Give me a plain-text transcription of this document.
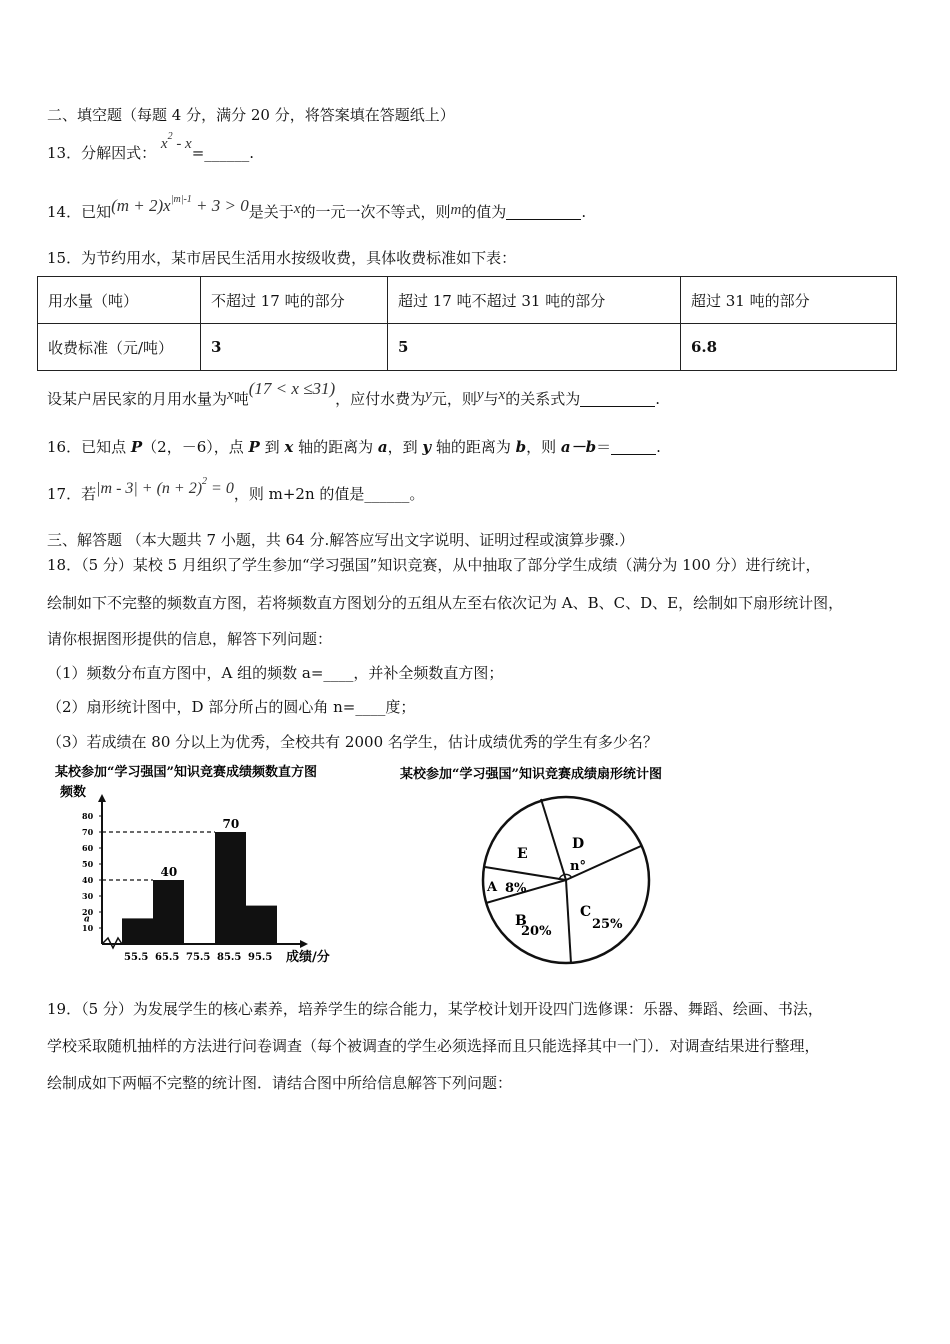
二、填空题（每题 4 分，满分 20 分，将答案填在答题纸上）
13．分解因式： $x^2$ - x=______.
14．已知$(m + 2)x^{|m|-1} + 3 > 0$是关于x的一元一次不等式，则m的值为	.
15．为节约用水，某市居民生活用水按级收费，具体收费标准如下表：
用水量（吨）	不超过 17 吨的部分	超过 17 吨不超过 31 吨的部分	超过 31 吨的部分
收费标准（元/吨）	3	5	6.8
设某户居民家的月用水量为x吨(17 < x ≤31)，应付水费为y元，则y与x的关系式为	.
16．已知点 P（2，－6），点 P 到 x 轴的距离为 a，到 y 轴的距离为 b，则 a－b＝	.
17．若$|m - 3| + (n + 2)^2 = 0$，则 m+2n 的值是______。
三、解答题 （本大题共 7 小题，共 64 分.解答应写出文字说明、证明过程或演算步骤.）
18．（5 分）某校 5 月组织了学生参加“学习强国”知识竞赛，从中抽取了部分学生成绩（满分为 100 分）进行统计，
绘制如下不完整的频数直方图，若将频数直方图划分的五组从左至右依次记为 A、B、C、D、E，绘制如下扇形统计图，
请你根据图形提供的信息，解答下列问题：
（1）频数分布直方图中，A 组的频数 a=____，并补全频数直方图；
（2）扇形统计图中，D 部分所占的圆心角 n=____度；
（3）若成绩在 80 分以上为优秀，全校共有 2000 名学生，估计成绩优秀的学生有多少名？
某校参加“学习强国”知识竞赛成绩频数直方图
频数
40
70
10
20
30
40
50
60
70
80
a
55.5 65.5 75.5 85.5 95.5 成绩/分
某校参加“学习强国”知识竞赛成绩扇形统计图
D
n°
E
A 8%
B
20%
C
25%
19．（5 分）为发展学生的核心素养，培养学生的综合能力，某学校计划开设四门选修课：乐器、舞蹈、绘画、书法，
学校采取随机抽样的方法进行问卷调查（每个被调查的学生必须选择而且只能选择其中一门）．对调查结果进行整理，
绘制成如下两幅不完整的统计图．请结合图中所给信息解答下列问题：
